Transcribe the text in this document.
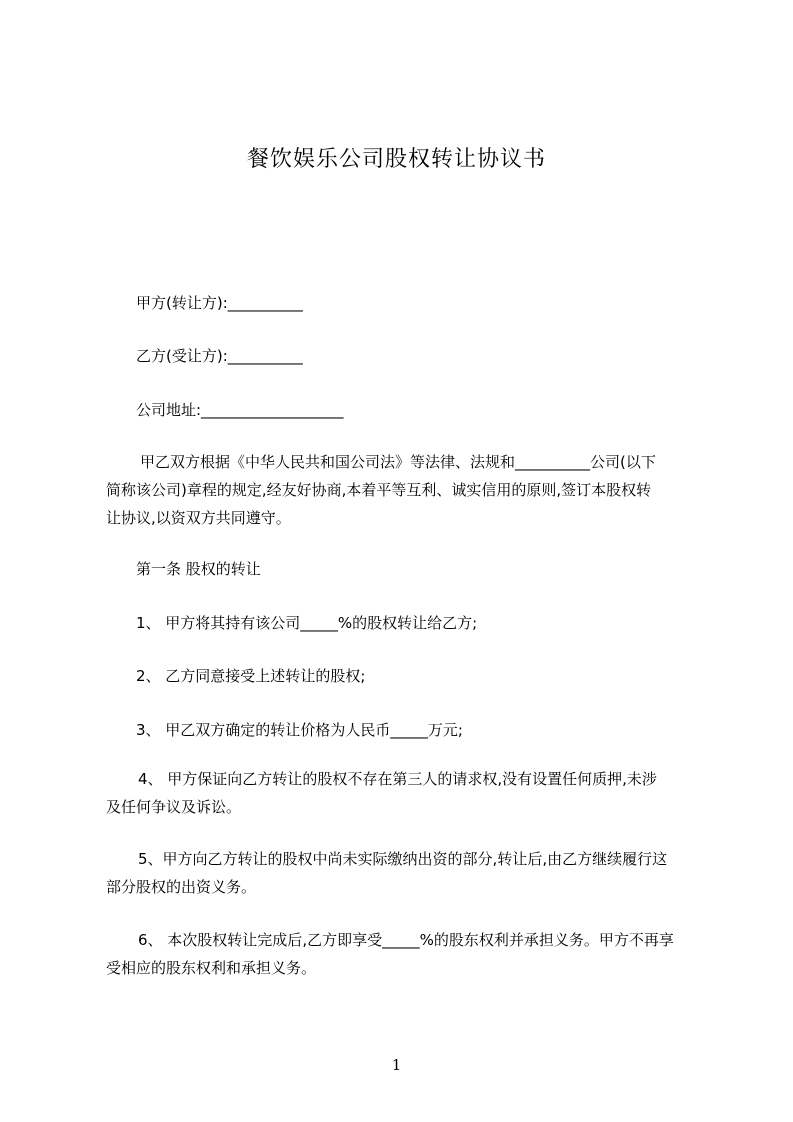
餐饮娱乐公司股权转让协议书
甲方(转让方):__________
乙方(受让方):__________
公司地址:___________________
甲乙双方根据《中华人民共和国公司法》等法律、法规和__________公司(以下
简称该公司)章程的规定,经友好协商,本着平等互利、诚实信用的原则,签订本股权转
让协议,以资双方共同遵守。
第一条 股权的转让
1、 甲方将其持有该公司_____%的股权转让给乙方;
2、 乙方同意接受上述转让的股权;
3、 甲乙双方确定的转让价格为人民币_____万元;
4、 甲方保证向乙方转让的股权不存在第三人的请求权,没有设置任何质押,未涉
及任何争议及诉讼。
5、甲方向乙方转让的股权中尚未实际缴纳出资的部分,转让后,由乙方继续履行这
部分股权的出资义务。
6、 本次股权转让完成后,乙方即享受_____%的股东权利并承担义务。甲方不再享
受相应的股东权利和承担义务。
1
